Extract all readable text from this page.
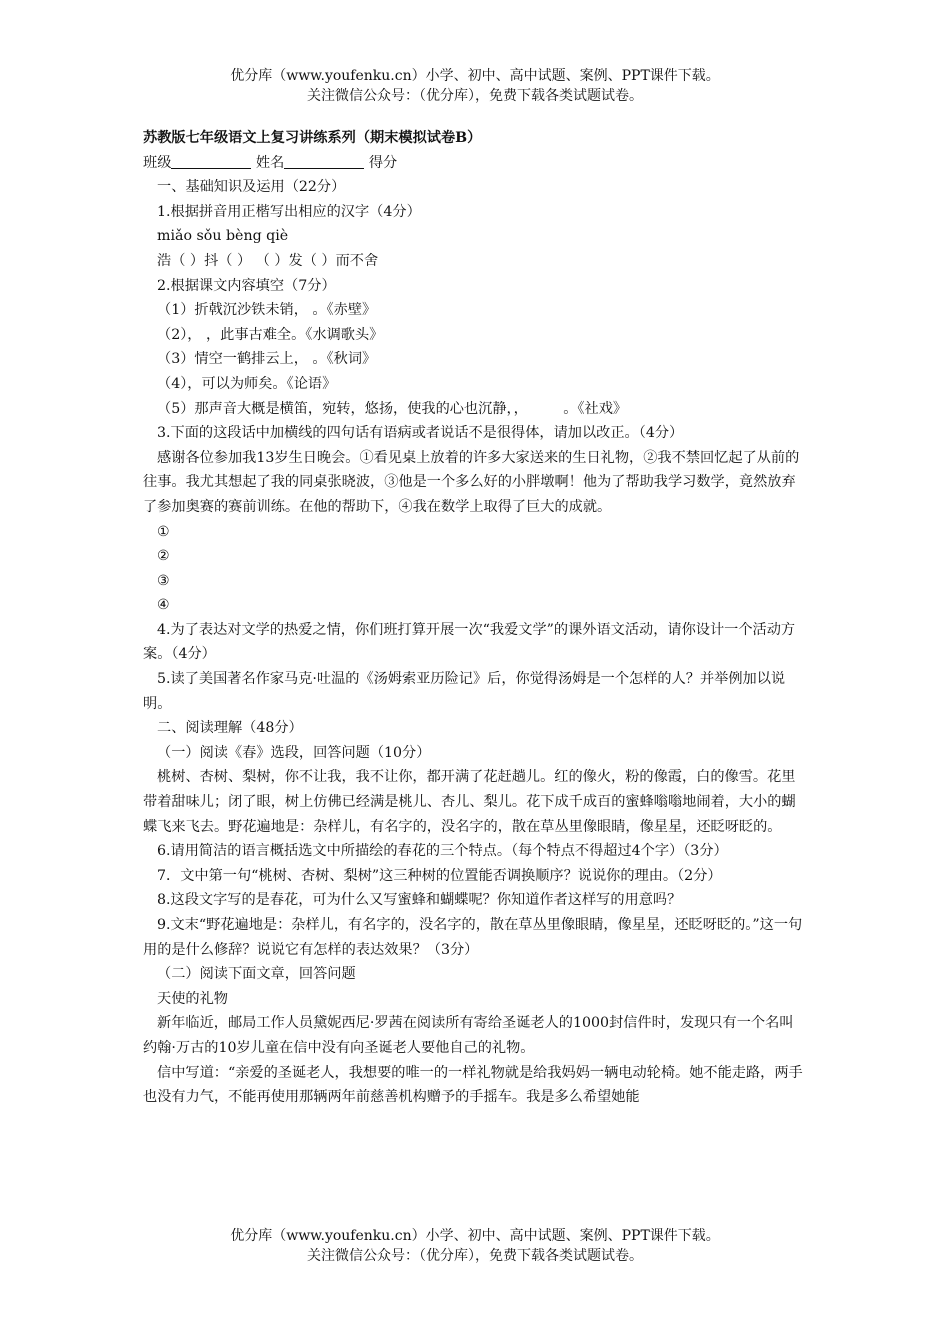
优分库（www.youfenku.cn）小学、初中、高中试题、案例、PPT课件下载。
关注微信公众号：（优分库），免费下载各类试题试卷。

苏教版七年级语文上复习讲练系列（期末模拟试卷B）

班级	姓名	得分

一、基础知识及运用（22分）

1.根据拼音用正楷写出相应的汉字（4分）

miǎo sǒu bèng qiè

浩（ ）抖（ ） （ ）发（ ）而不舍

2.根据课文内容填空（7分）

（1）折戟沉沙铁未销， 。《赤壁》

（2）， ，此事古难全。《水调歌头》

（3）情空一鹤排云上， 。《秋词》

（4），可以为师矣。《论语》

（5）那声音大概是横笛，宛转，悠扬，使我的心也沉静，，　　　。《社戏》

3.下面的这段话中加横线的四句话有语病或者说话不是很得体，请加以改正。（4分）

感谢各位参加我13岁生日晚会。①看见桌上放着的许多大家送来的生日礼物，②我不禁回忆起了从前的往事。我尤其想起了我的同桌张晓波，③他是一个多么好的小胖墩啊！他为了帮助我学习数学，竟然放弃了参加奥赛的赛前训练。在他的帮助下，④我在数学上取得了巨大的成就。

①

②

③

④

4.为了表达对文学的热爱之情，你们班打算开展一次“我爱文学”的课外语文活动，请你设计一个活动方案。（4分）

5.读了美国著名作家马克·吐温的《汤姆索亚历险记》后，你觉得汤姆是一个怎样的人？并举例加以说明。

二、阅读理解（48分）

（一）阅读《春》选段，回答问题（10分）

桃树、杏树、梨树，你不让我，我不让你，都开满了花赶趟儿。红的像火，粉的像霞，白的像雪。花里带着甜味儿；闭了眼，树上仿佛已经满是桃儿、杏儿、梨儿。花下成千成百的蜜蜂嗡嗡地闹着，大小的蝴蝶飞来飞去。野花遍地是：杂样儿，有名字的，没名字的，散在草丛里像眼睛，像星星，还眨呀眨的。

6.请用简洁的语言概括选文中所描绘的春花的三个特点。（每个特点不得超过4个字）（3分）

7．文中第一句“桃树、杏树、梨树”这三种树的位置能否调换顺序？说说你的理由。（2分）

8.这段文字写的是春花，可为什么又写蜜蜂和蝴蝶呢？你知道作者这样写的用意吗？

9.文末“野花遍地是：杂样儿，有名字的，没名字的，散在草丛里像眼睛，像星星，还眨呀眨的。”这一句用的是什么修辞？说说它有怎样的表达效果？（3分）

（二）阅读下面文章，回答问题

天使的礼物

新年临近，邮局工作人员黛妮西尼·罗茜在阅读所有寄给圣诞老人的1000封信件时，发现只有一个名叫约翰·万古的10岁儿童在信中没有向圣诞老人要他自己的礼物。

信中写道：“亲爱的圣诞老人，我想要的唯一的一样礼物就是给我妈妈一辆电动轮椅。她不能走路，两手也没有力气，不能再使用那辆两年前慈善机构赠予的手摇车。我是多么希望她能

优分库（www.youfenku.cn）小学、初中、高中试题、案例、PPT课件下载。
关注微信公众号：（优分库），免费下载各类试题试卷。
